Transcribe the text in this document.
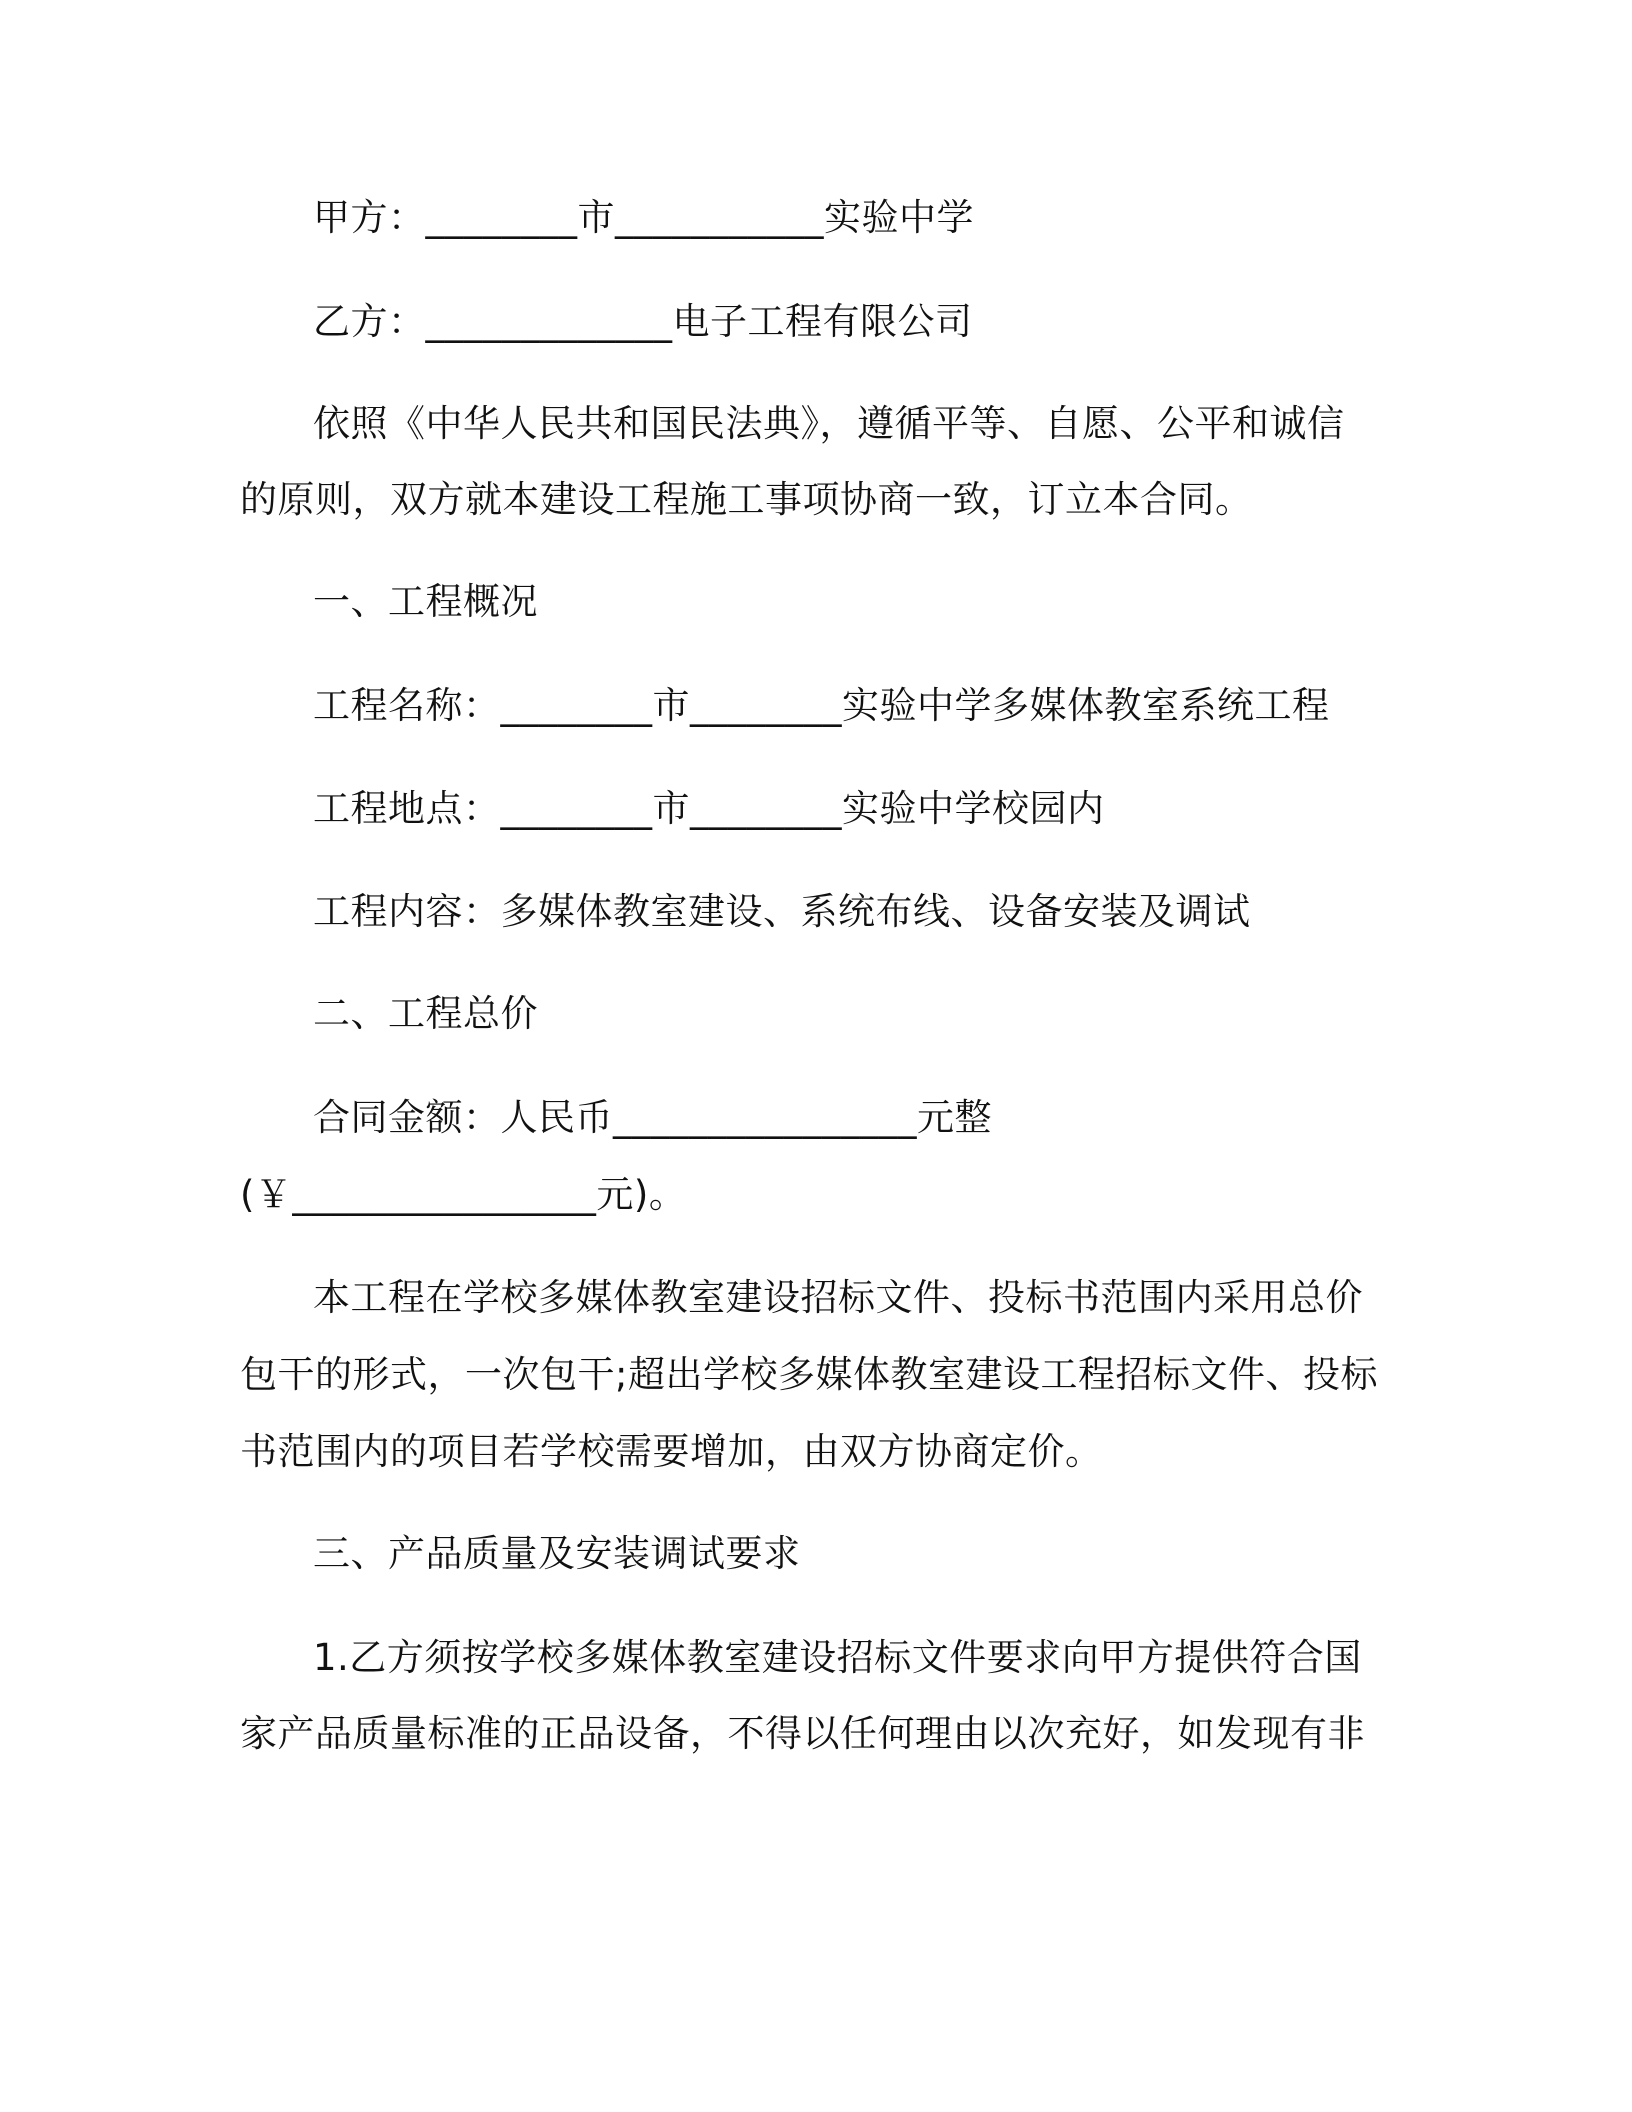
甲方：________市___________实验中学
乙方：_____________电子工程有限公司
依照《中华人民共和国民法典》，遵循平等、自愿、公平和诚信
的原则，双方就本建设工程施工事项协商一致，订立本合同。
一、工程概况
工程名称：________市________实验中学多媒体教室系统工程
工程地点：________市________实验中学校园内
工程内容：多媒体教室建设、系统布线、设备安装及调试
二、工程总价
合同金额：人民币________________元整
(￥________________元)。
本工程在学校多媒体教室建设招标文件、投标书范围内采用总价
包干的形式，一次包干;超出学校多媒体教室建设工程招标文件、投标
书范围内的项目若学校需要增加，由双方协商定价。
三、产品质量及安装调试要求
1.乙方须按学校多媒体教室建设招标文件要求向甲方提供符合国
家产品质量标准的正品设备，不得以任何理由以次充好，如发现有非
